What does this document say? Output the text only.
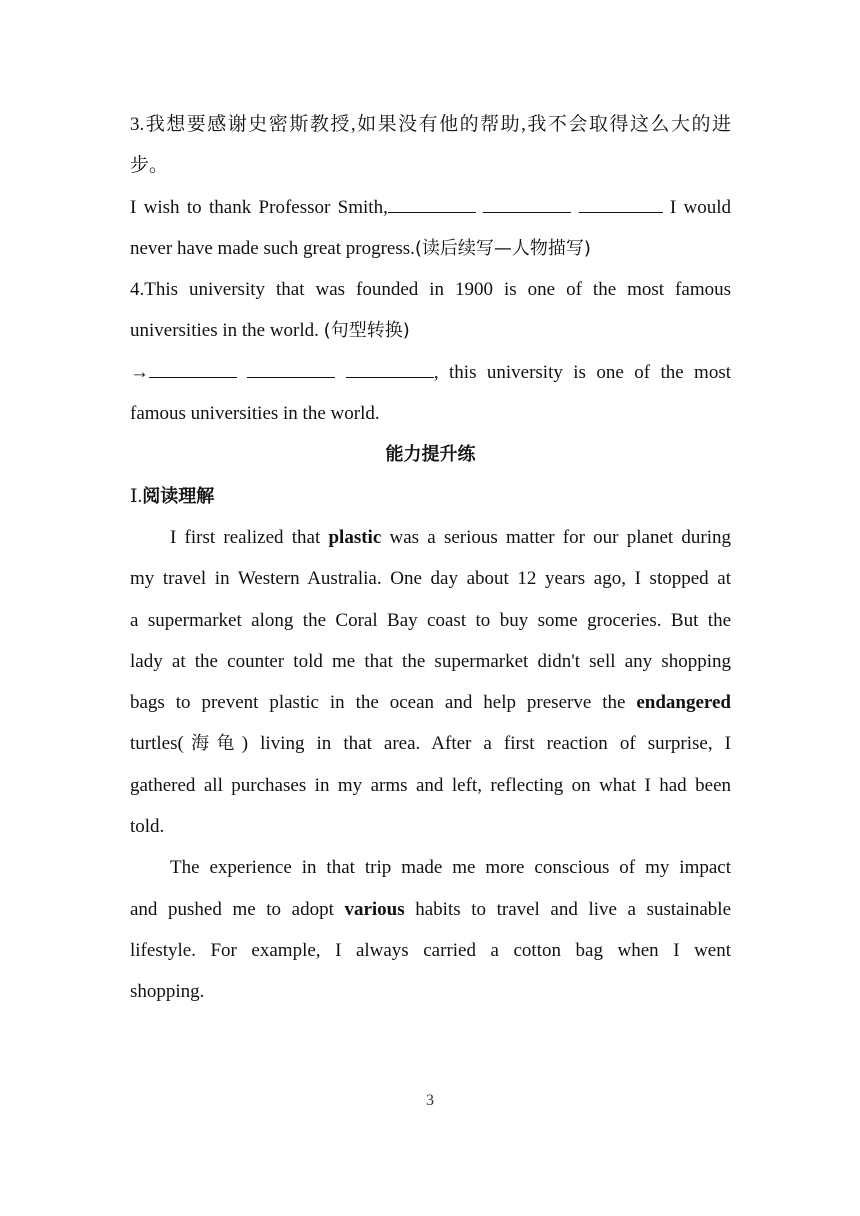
3.我想要感谢史密斯教授,如果没有他的帮助,我不会取得这么大的进
步。
I wish to thank Professor Smith,	I would
never have made such great progress.(读后续写—人物描写)
4.This university that was founded in 1900 is one of the most famous
universities in the world. (句型转换)
→	, this university is one of the most
famous universities in the world.
能力提升练
Ⅰ.阅读理解
I first realized that plastic was a serious matter for our planet during
my travel in Western Australia. One day about 12 years ago, I stopped at
a supermarket along the Coral Bay coast to buy some groceries. But the
lady at the counter told me that the supermarket didn't sell any shopping
bags to prevent plastic in the ocean and help preserve the endangered
turtles(海龟) living in that area. After a first reaction of surprise, I
gathered all purchases in my arms and left, reflecting on what I had been
told.
The experience in that trip made me more conscious of my impact
and pushed me to adopt various habits to travel and live a sustainable
lifestyle. For example, I always carried a cotton bag when I went
shopping.
3
